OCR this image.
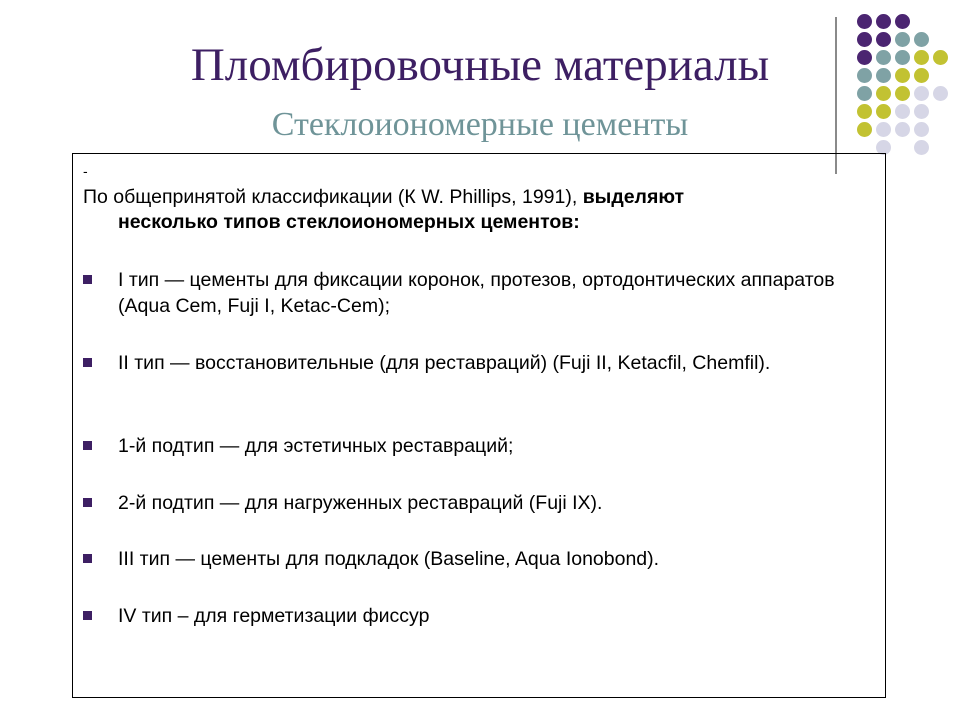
Пломбировочные материалы
Стеклоиономерные цементы
-
По общепринятой классификации (К W. Phillips, 1991), выделяют
несколько типов стеклоиономерных цементов:
I тип — цементы для фиксации коронок, протезов, ортодонтических аппаратов (Aqua Cem, Fuji I, Ketac-Cem);
II тип — восстановительные (для реставраций) (Fuji II, Ketacfil, Chemfil).
1-й подтип — для эстетичных реставраций;
2-й подтип — для нагруженных реставраций (Fuji IX).
III тип — цементы для подкладок (Baseline, Aqua Ionobond).
IV тип – для герметизации фиссур
